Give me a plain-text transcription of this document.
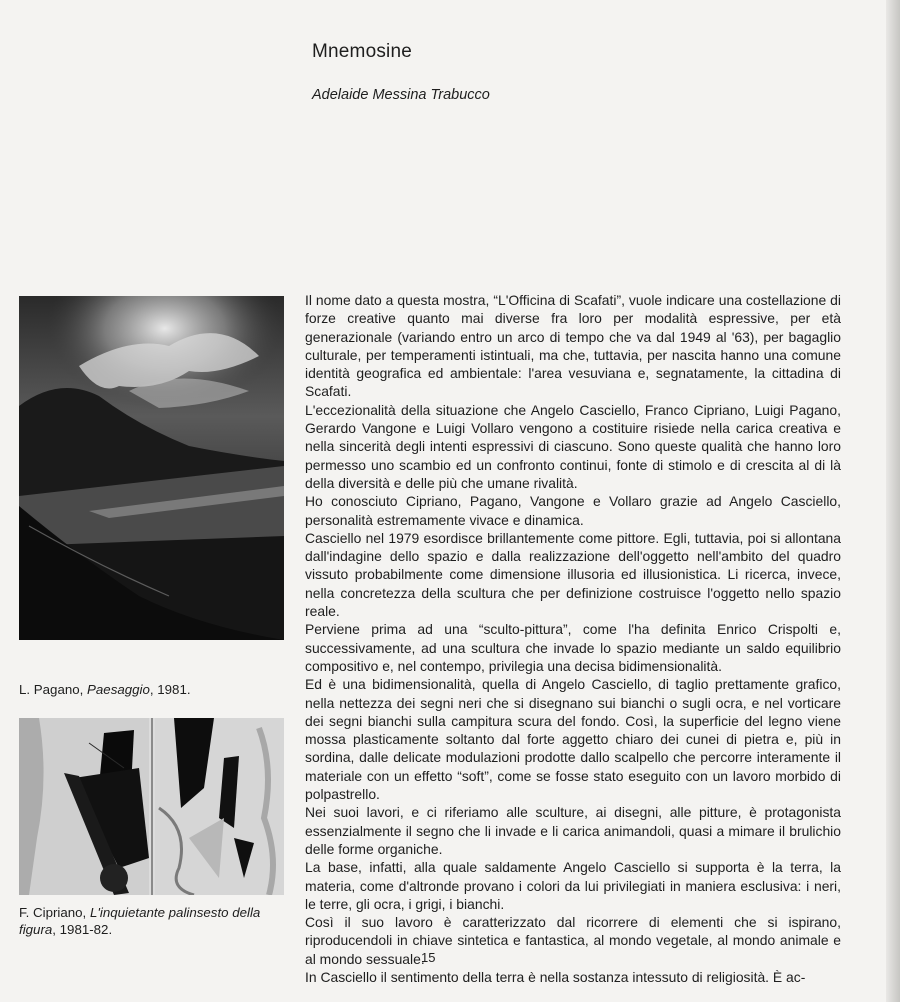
Mnemosine

Adelaide Messina Trabucco

L. Pagano, Paesaggio, 1981.

F. Cipriano, L'inquietante palinsesto della figura, 1981-82.

Il nome dato a questa mostra, “L'Officina di Scafati”, vuole indicare una costellazione di forze creative quanto mai diverse fra loro per modalità espressive, per età generazionale (variando entro un arco di tempo che va dal 1949 al '63), per bagaglio culturale, per temperamenti istintuali, ma che, tuttavia, per nascita hanno una comune identità geografica ed ambientale: l'area vesuviana e, segnatamente, la cittadina di Scafati.

L'eccezionalità della situazione che Angelo Casciello, Franco Cipriano, Luigi Pagano, Gerardo Vangone e Luigi Vollaro vengono a costituire risiede nella carica creativa e nella sincerità degli intenti espressivi di ciascuno. Sono queste qualità che hanno loro permesso uno scambio ed un confronto continui, fonte di stimolo e di crescita al di là della diversità e delle più che umane rivalità.

Ho conosciuto Cipriano, Pagano, Vangone e Vollaro grazie ad Angelo Casciello, personalità estremamente vivace e dinamica.

Casciello nel 1979 esordisce brillantemente come pittore. Egli, tuttavia, poi si allontana dall'indagine dello spazio e dalla realizzazione dell'oggetto nell'ambito del quadro vissuto probabilmente come dimensione illusoria ed illusionistica. Li ricerca, invece, nella concretezza della scultura che per definizione costruisce l'oggetto nello spazio reale.

Perviene prima ad una “sculto-pittura”, come l'ha definita Enrico Crispolti e, successivamente, ad una scultura che invade lo spazio mediante un saldo equilibrio compositivo e, nel contempo, privilegia una decisa bidimensionalità.

Ed è una bidimensionalità, quella di Angelo Casciello, di taglio prettamente grafico, nella nettezza dei segni neri che si disegnano sui bianchi o sugli ocra, e nel vorticare dei segni bianchi sulla campitura scura del fondo. Così, la superficie del legno viene mossa plasticamente soltanto dal forte aggetto chiaro dei cunei di pietra e, più in sordina, dalle delicate modulazioni prodotte dallo scalpello che percorre interamente il materiale con un effetto “soft”, come se fosse stato eseguito con un lavoro morbido di polpastrello.

Nei suoi lavori, e ci riferiamo alle sculture, ai disegni, alle pitture, è protagonista essenzialmente il segno che li invade e li carica animandoli, quasi a mimare il brulichio delle forme organiche.

La base, infatti, alla quale saldamente Angelo Casciello si supporta è la terra, la materia, come d'altronde provano i colori da lui privilegiati in maniera esclusiva: i neri, le terre, gli ocra, i grigi, i bianchi.

Così il suo lavoro è caratterizzato dal ricorrere di elementi che si ispirano, riproducendoli in chiave sintetica e fantastica, al mondo vegetale, al mondo animale e al mondo sessuale.

In Casciello il sentimento della terra è nella sostanza intessuto di religiosità. È ac-

15
